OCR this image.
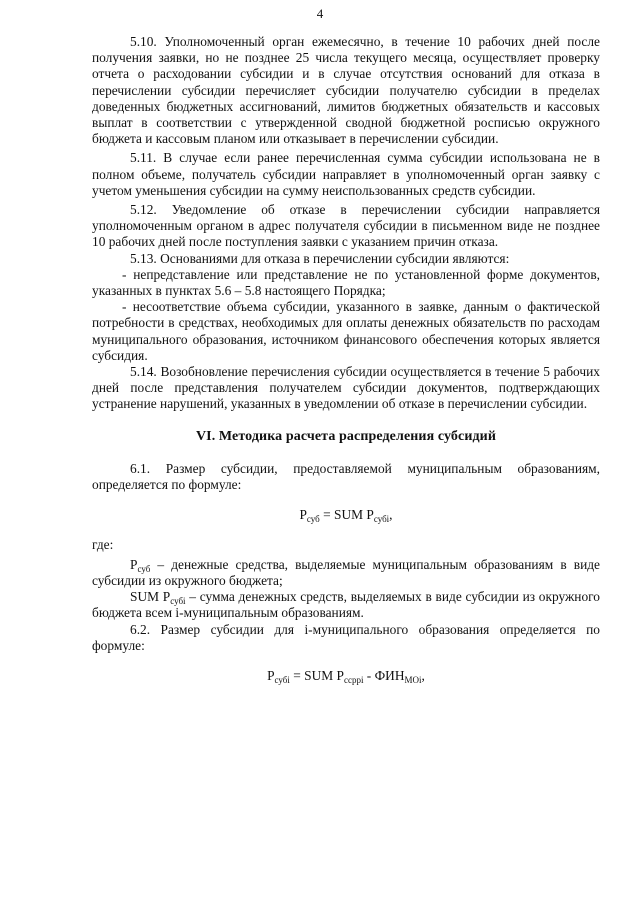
4

5.10. Уполномоченный орган ежемесячно, в течение 10 рабочих дней после получения заявки, но не позднее 25 числа текущего месяца, осуществляет проверку отчета о расходовании субсидии и в случае отсутствия оснований для отказа в перечислении субсидии перечисляет субсидии получателю субсидии в пределах доведенных бюджетных ассигнований, лимитов бюджетных обязательств и кассовых выплат в соответствии с утвержденной сводной бюджетной росписью окружного бюджета и кассовым планом или отказывает в перечислении субсидии.

5.11. В случае если ранее перечисленная сумма субсидии использована не в полном объеме, получатель субсидии направляет в уполномоченный орган заявку с учетом уменьшения субсидии на сумму неиспользованных средств субсидии.

5.12. Уведомление об отказе в перечислении субсидии направляется уполномоченным органом в адрес получателя субсидии в письменном виде не позднее 10 рабочих дней после поступления заявки с указанием причин отказа.

5.13. Основаниями для отказа в перечислении субсидии являются:

- непредставление или представление не по установленной форме документов, указанных в пунктах 5.6 – 5.8 настоящего Порядка;

- несоответствие объема субсидии, указанного в заявке, данным о фактической потребности в средствах, необходимых для оплаты денежных обязательств по расходам муниципального образования, источником финансового обеспечения которых является субсидия.

5.14. Возобновление перечисления субсидии осуществляется в течение 5 рабочих дней после представления получателем субсидии документов, подтверждающих устранение нарушений, указанных в уведомлении об отказе в перечислении субсидии.

VI. Методика расчета распределения субсидий

6.1. Размер субсидии, предоставляемой муниципальным образованиям, определяется по формуле:

$Р_{суб}$ = SUM $Р_{субi}$,

где:

$Р_{суб}$ – денежные средства, выделяемые муниципальным образованиям в виде субсидии из окружного бюджета;

SUM $Р_{субi}$ – сумма денежных средств, выделяемых в виде субсидии из окружного бюджета всем i-муниципальным образованиям.

6.2. Размер субсидии для i-муниципального образования определяется по формуле:

$Р_{субi}$ = SUM $Р_{ссppi} - ФИН_{МОi}$,
